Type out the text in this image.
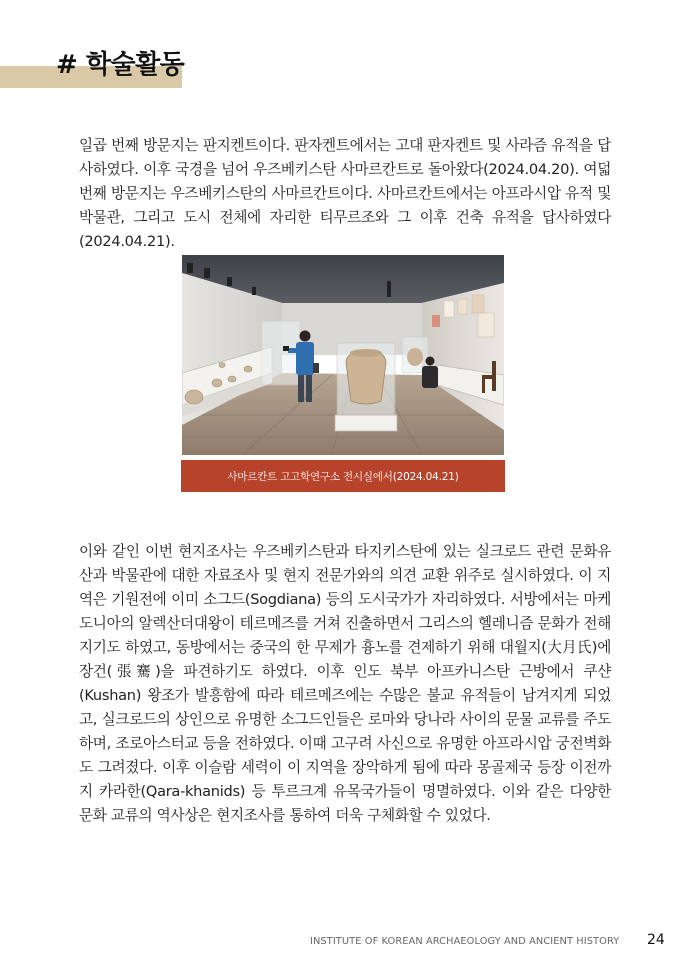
# 학술활동

일곱 번째 방문지는 판지켄트이다. 판자켄트에서는 고대 판자켄트 및 사라즘 유적을 답사하였다. 이후 국경을 넘어 우즈베키스탄 사마르칸트로 돌아왔다(2024.04.20). 여덟 번째 방문지는 우즈베키스탄의 사마르칸트이다. 사마르칸트에서는 아프라시압 유적 및 박물관, 그리고 도시 전체에 자리한 티무르조와 그 이후 건축 유적을 답사하였다(2024.04.21).

사마르칸트 고고학연구소 전시실에서(2024.04.21)

이와 같인 이번 현지조사는 우즈베키스탄과 타지키스탄에 있는 실크로드 관련 문화유산과 박물관에 대한 자료조사 및 현지 전문가와의 의견 교환 위주로 실시하였다. 이 지역은 기원전에 이미 소그드(Sogdiana) 등의 도시국가가 자리하였다. 서방에서는 마케도니아의 알렉산더대왕이 테르메즈를 거쳐 진출하면서 그리스의 헬레니즘 문화가 전해지기도 하였고, 동방에서는 중국의 한 무제가 흉노를 견제하기 위해 대월지(大月氏)에 장건(張騫)을 파견하기도 하였다. 이후 인도 북부 아프카니스탄 근방에서 쿠샨(Kushan) 왕조가 발흥함에 따라 테르메즈에는 수많은 불교 유적들이 남겨지게 되었고, 실크로드의 상인으로 유명한 소그드인들은 로마와 당나라 사이의 문물 교류를 주도하며, 조로아스터교 등을 전하였다. 이때 고구려 사신으로 유명한 아프라시압 궁전벽화도 그려졌다. 이후 이슬람 세력이 이 지역을 장악하게 됨에 따라 몽골제국 등장 이전까지 카라한(Qara-khanids) 등 투르크계 유목국가들이 명멸하였다. 이와 같은 다양한 문화 교류의 역사상은 현지조사를 통하여 더욱 구체화할 수 있었다.

INSTITUTE OF KOREAN ARCHAEOLOGY AND ANCIENT HISTORY 24
